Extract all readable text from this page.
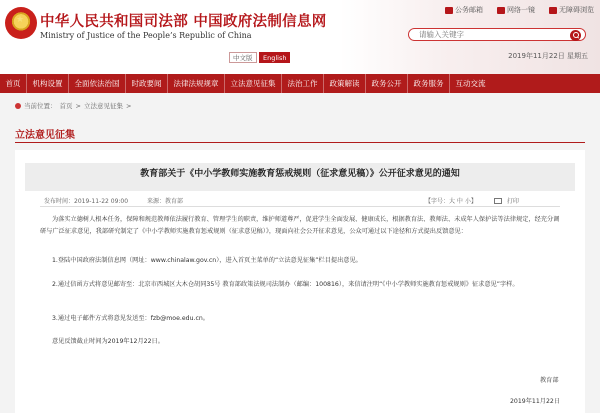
★ 中华人民共和国司法部 中国政府法制信息网
Ministry of Justice of the People’s Republic of China
中文版	English
公务邮箱	网络一镜	无障碍浏览
请输入关键字
2019年11月22日 星期五
首页	机构设置	全面依法治国	时政要闻	法律法规规章	立法意见征集	法治工作	政策解读	政务公开	政务服务	互动交流
当前位置： 首页 > 立法意见征集 >
立法意见征集
教育部关于《中小学教师实施教育惩戒规则（征求意见稿）》公开征求意见的通知
发布时间：2019-11-22 09:00	来源：教育部	【字号：大 中 小】	打印
为落实立德树人根本任务，保障和规范教师依法履行教育、管理学生的职责，维护师道尊严，促进学生全面发展、健康成长，根据教育法、教师法、未成年人保护法等法律规定，经充分调研与广泛征求意见，我部研究制定了《中小学教师实施教育惩戒规则（征求意见稿）》，现面向社会公开征求意见，公众可通过以下途径和方式提出反馈意见：
1.登陆中国政府法制信息网（网址：www.chinalaw.gov.cn），进入首页主菜单的“立法意见征集”栏目提出意见。
2.通过信函方式将意见邮寄至：北京市西城区大木仓胡同35号 教育部政策法规司法制办（邮编：100816），来信请注明“《中小学教师实施教育惩戒规则》征求意见”字样。
3.通过电子邮件方式将意见发送至：fzb@moe.edu.cn。
意见反馈截止时间为2019年12月22日。
教育部
2019年11月22日
